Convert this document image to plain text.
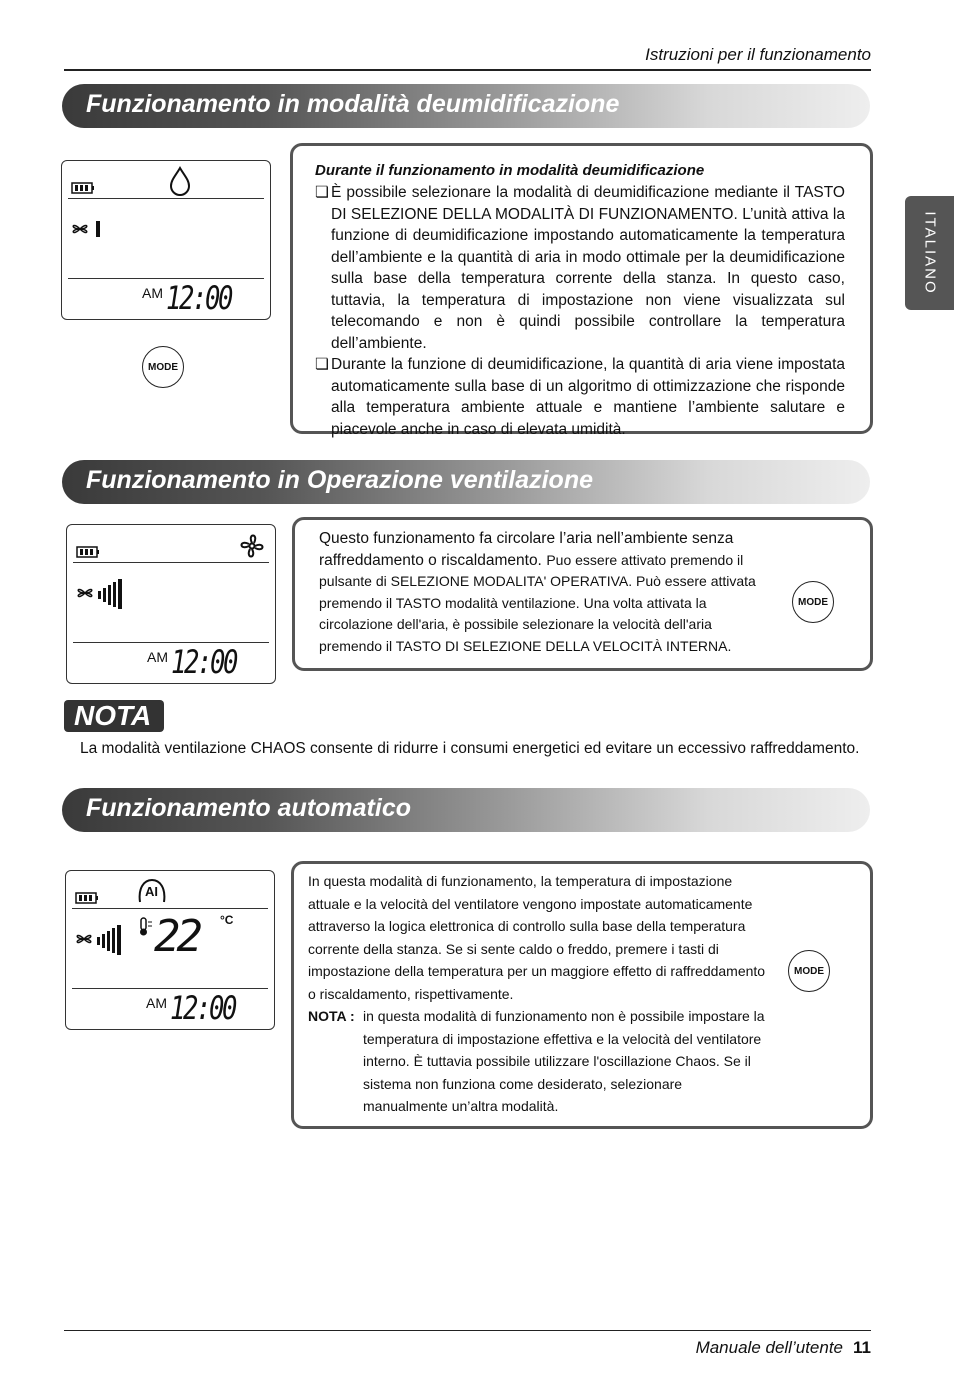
Istruzioni per il funzionamento
ITALIANO
Funzionamento in modalità deumidificazione
AM 12:00
MODE
Durante il funzionamento in modalità deumidificazione
❏ È possibile selezionare la modalità di deumidificazione mediante il TASTO DI SELEZIONE DELLA MODALITÀ DI FUNZIONAMENTO. L’unità attiva la funzione di deumidificazione impostando automaticamente la temperatura dell’ambiente e la quantità di aria in modo ottimale per la deumidificazione sulla base della temperatura corrente della stanza. In questo caso, tuttavia, la temperatura di impostazione non viene visualizzata sul telecomando e non è quindi possibile controllare la temperatura dell’ambiente.
❏ Durante la funzione di deumidificazione, la quantità di aria viene impostata automaticamente sulla base di un algoritmo di ottimizzazione che risponde alla temperatura ambiente attuale e mantiene l’ambiente salutare e piacevole anche in caso di elevata umidità.
Funzionamento in Operazione ventilazione
AM 12:00
Questo funzionamento fa circolare l’aria nell’ambiente senza raffreddamento o riscaldamento. Puo essere attivato premendo il pulsante di SELEZIONE MODALITA' OPERATIVA. Può essere attivata premendo il TASTO modalità ventilazione. Una volta attivata la circolazione dell'aria, è possibile selezionare la velocità dell'aria premendo il TASTO DI SELEZIONE DELLA VELOCITÀ INTERNA.
MODE
NOTA
La modalità ventilazione CHAOS consente di ridurre i consumi energetici ed evitare un eccessivo raffreddamento.
Funzionamento automatico
AI
22 °C
AM 12:00
In questa modalità di funzionamento, la temperatura di impostazione attuale e la velocità del ventilatore vengono impostate automaticamente attraverso la logica elettronica di controllo sulla base della temperatura corrente della stanza. Se si sente caldo o freddo, premere i tasti di impostazione della temperatura per un maggiore effetto di raffreddamento o riscaldamento, rispettivamente.
NOTA : in questa modalità di funzionamento non è possibile impostare la temperatura di impostazione effettiva e la velocità del ventilatore interno. È tuttavia possibile utilizzare l'oscillazione Chaos. Se il sistema non funziona come desiderato, selezionare manualmente un’altra modalità.
MODE
Manuale dell’utente 11
